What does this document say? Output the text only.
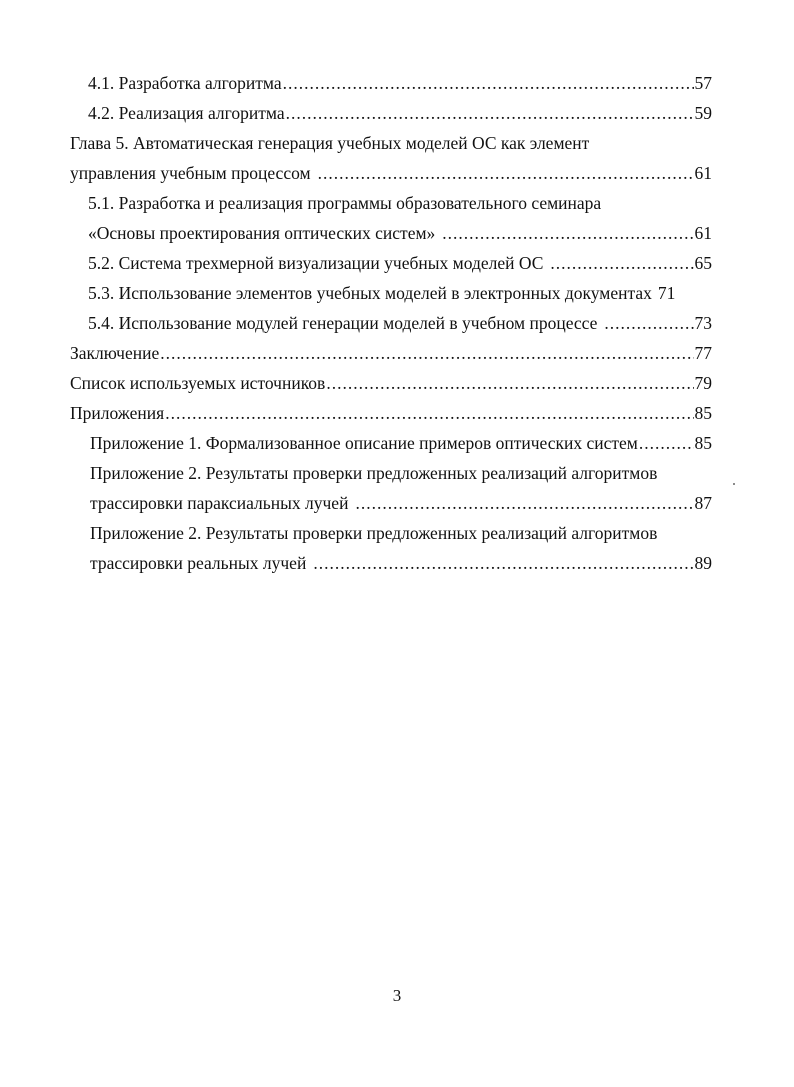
4.1. Разработка алгоритма .....	57
4.2. Реализация алгоритма .....	59
Глава 5. Автоматическая генерация учебных моделей ОС как элемент
управления учебным процессом .....	61
5.1. Разработка и реализация программы образовательного семинара
«Основы проектирования оптических систем» .....	61
5.2. Система трехмерной визуализации учебных моделей ОС .....	65
5.3. Использование элементов учебных моделей в электронных документах 71
5.4. Использование модулей генерации моделей в учебном процессе .....	73
Заключение .....	77
Список используемых источников .....	79
Приложения .....	85
Приложение 1. Формализованное описание примеров оптических систем .....	85
Приложение 2. Результаты проверки предложенных реализаций алгоритмов
трассировки параксиальных лучей .....	87
Приложение 2. Результаты проверки предложенных реализаций алгоритмов
трассировки реальных лучей .....	89
3
